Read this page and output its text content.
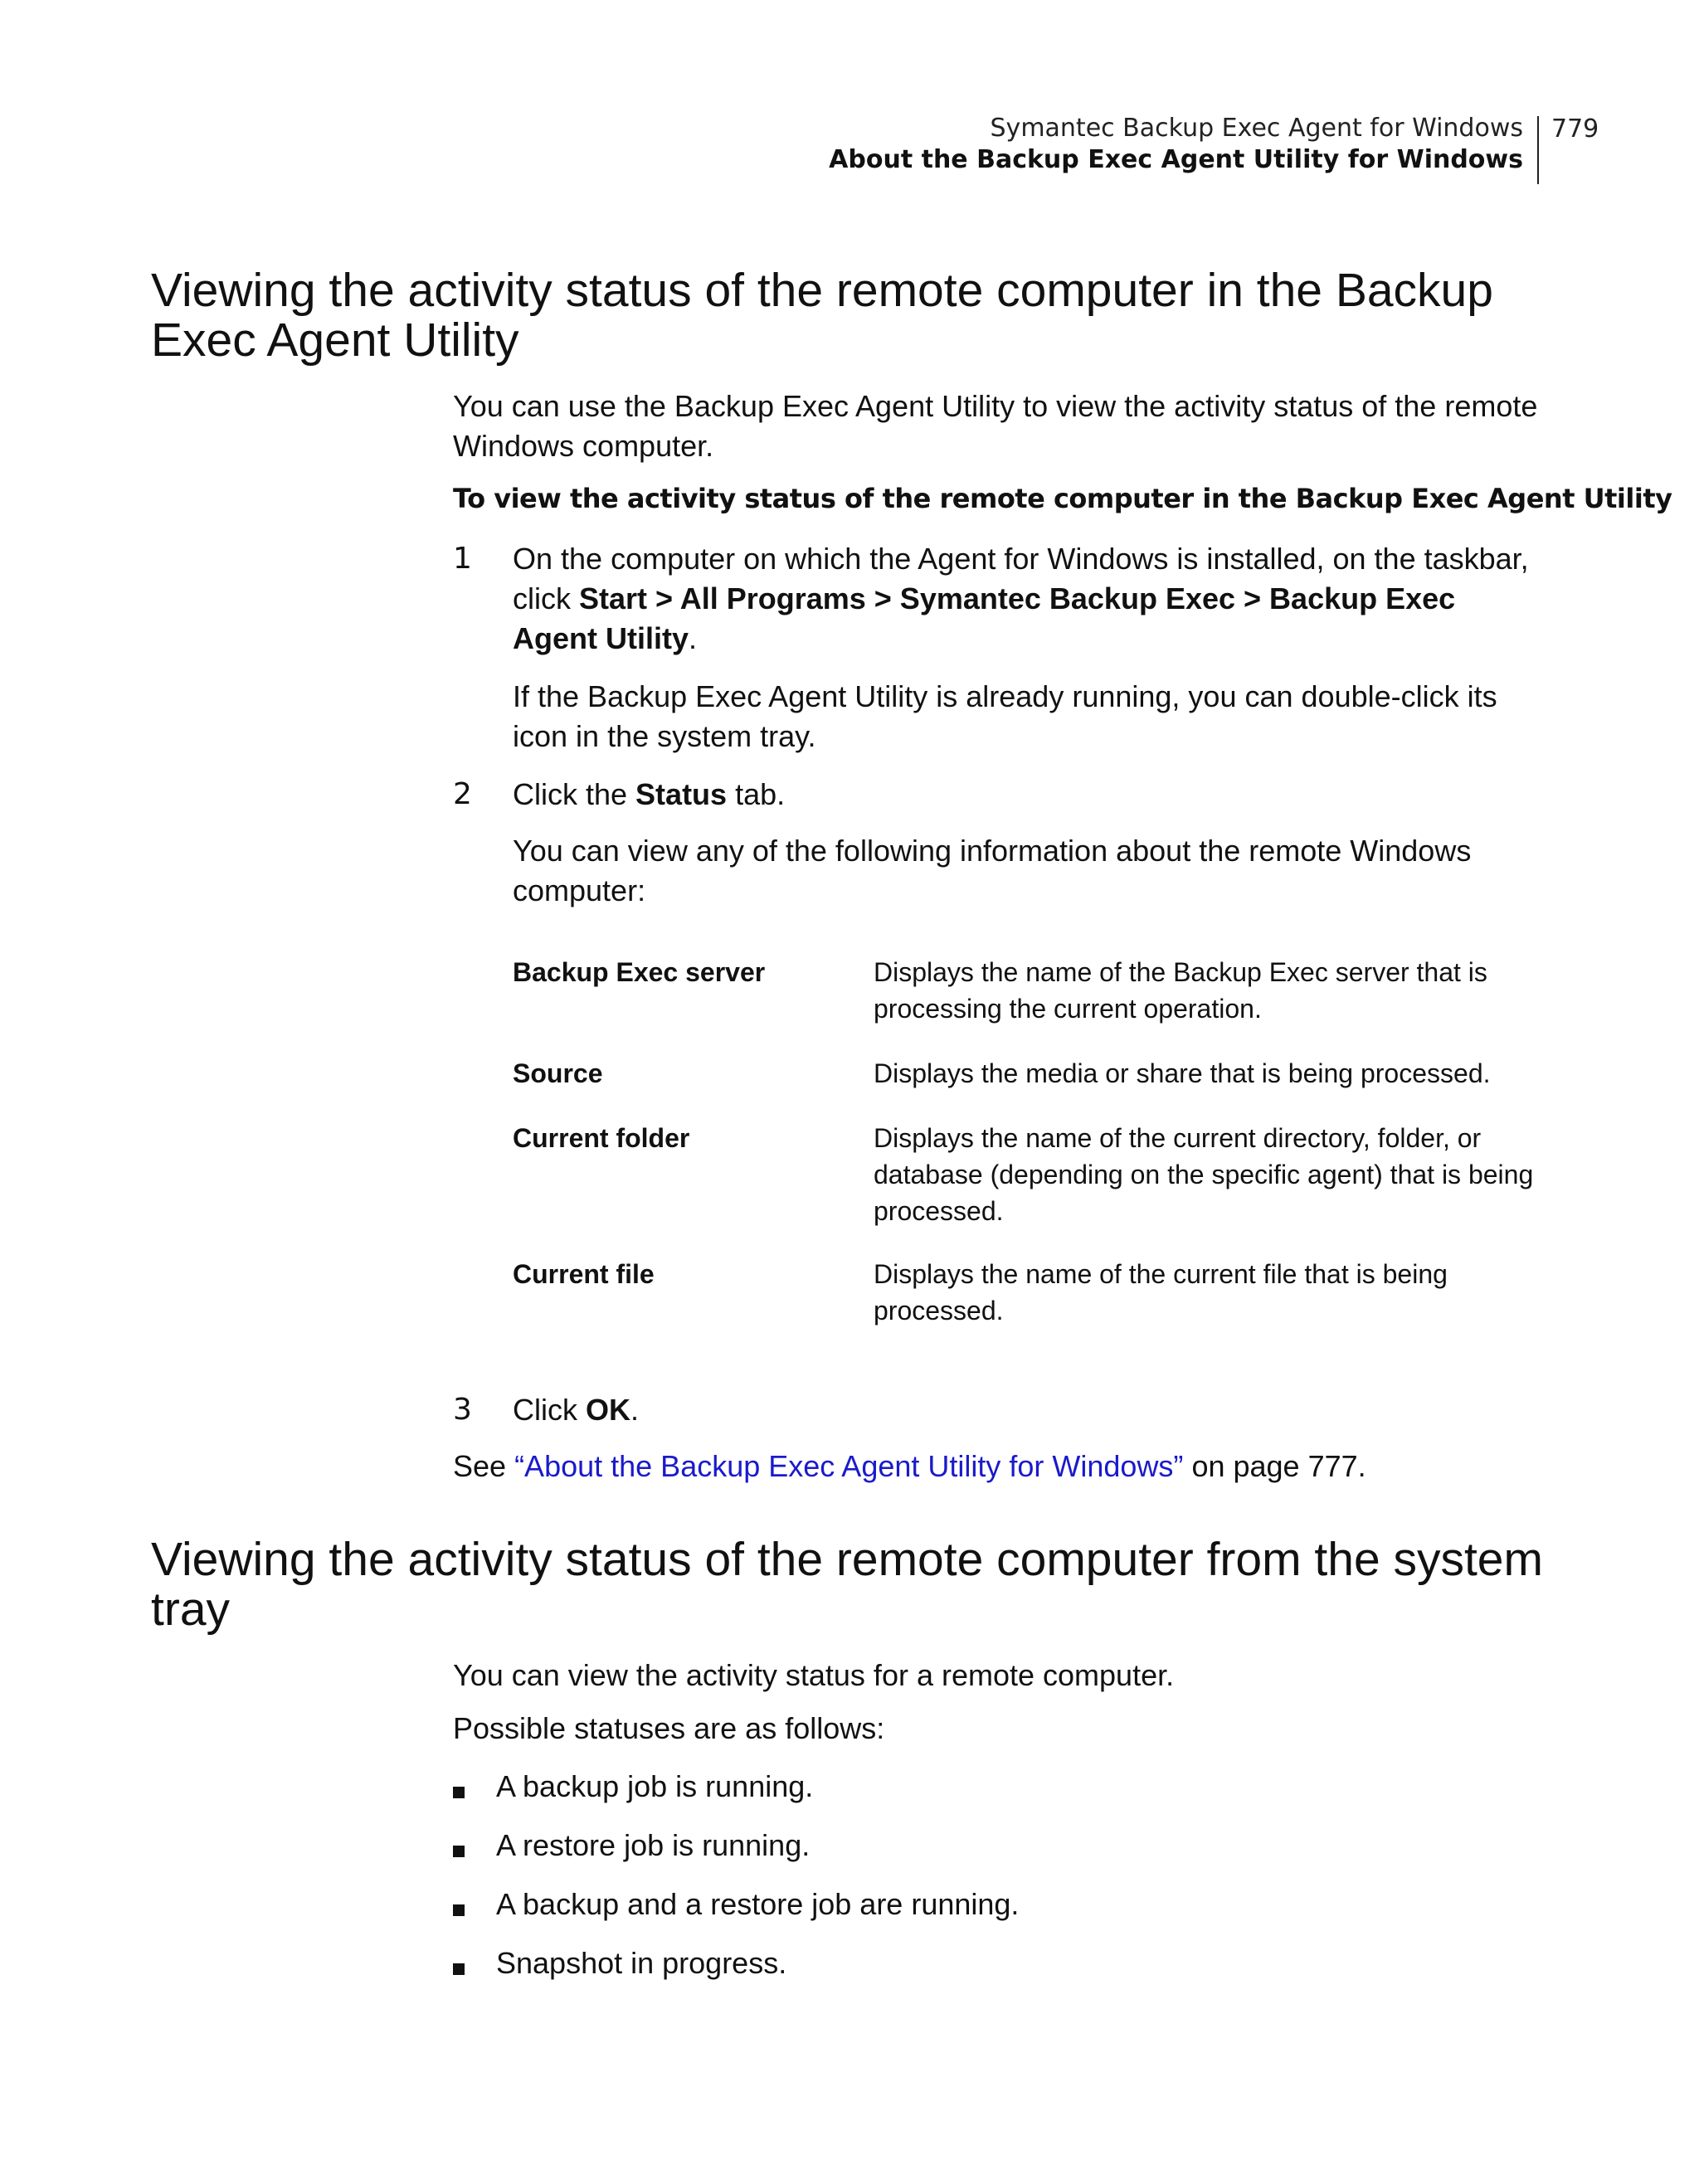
Symantec Backup Exec Agent for Windows
About the Backup Exec Agent Utility for Windows
779
Viewing the activity status of the remote computer in the Backup
Exec Agent Utility

You can use the Backup Exec Agent Utility to view the activity status of the remote Windows computer.

To view the activity status of the remote computer in the Backup Exec Agent Utility

1 On the computer on which the Agent for Windows is installed, on the taskbar, click Start > All Programs > Symantec Backup Exec > Backup Exec Agent Utility.

If the Backup Exec Agent Utility is already running, you can double-click its icon in the system tray.

2 Click the Status tab.

You can view any of the following information about the remote Windows computer:

Backup Exec server	Displays the name of the Backup Exec server that is processing the current operation.
Source	Displays the media or share that is being processed.
Current folder	Displays the name of the current directory, folder, or database (depending on the specific agent) that is being processed.
Current file	Displays the name of the current file that is being processed.
3 Click OK.

See “About the Backup Exec Agent Utility for Windows” on page 777.

Viewing the activity status of the remote computer from the system
tray

You can view the activity status for a remote computer.

Possible statuses are as follows:

A backup job is running.
A restore job is running.
A backup and a restore job are running.
Snapshot in progress.
